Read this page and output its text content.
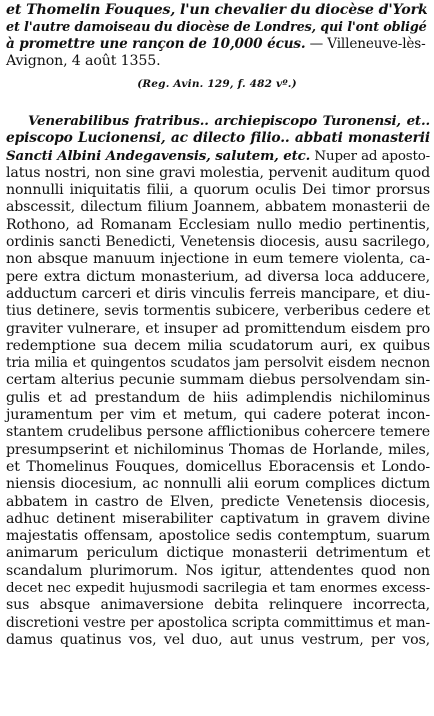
et Thomelin Fouques, l'un chevalier du diocèse d'York
et l'autre damoiseau du diocèse de Londres, qui l'ont obligé
à promettre une rançon de 10,000 écus. — Villeneuve-lès-
Avignon, 4 août 1355.
(Reg. Avin. 129, f. 482 vº.)
Venerabilibus fratribus.. archiepiscopo Turonensi, et..
episcopo Lucionensi, ac dilecto filio.. abbati monasterii
Sancti Albini Andegavensis, salutem, etc. Nuper ad aposto-
latus nostri, non sine gravi molestia, pervenit auditum quod
nonnulli iniquitatis filii, a quorum oculis Dei timor prorsus
abscessit, dilectum filium Joannem, abbatem monasterii de
Rothono, ad Romanam Ecclesiam nullo medio pertinentis,
ordinis sancti Benedicti, Venetensis diocesis, ausu sacrilego,
non absque manuum injectione in eum temere violenta, ca-
pere extra dictum monasterium, ad diversa loca adducere,
adductum carceri et diris vinculis ferreis mancipare, et diu-
tius detinere, sevis tormentis subicere, verberibus cedere et
graviter vulnerare, et insuper ad promittendum eisdem pro
redemptione sua decem milia scudatorum auri, ex quibus
tria milia et quingentos scudatos jam persolvit eisdem necnon
certam alterius pecunie summam diebus persolvendam sin-
gulis et ad prestandum de hiis adimplendis nichilominus
juramentum per vim et metum, qui cadere poterat incon-
stantem crudelibus persone afflictionibus cohercere temere
presumpserint et nichilominus Thomas de Horlande, miles,
et Thomelinus Fouques, domicellus Eboracensis et Londo-
niensis diocesium, ac nonnulli alii eorum complices dictum
abbatem in castro de Elven, predicte Venetensis diocesis,
adhuc detinent miserabiliter captivatum in gravem divine
majestatis offensam, apostolice sedis contemptum, suarum
animarum periculum dictique monasterii detrimentum et
scandalum plurimorum. Nos igitur, attendentes quod non
decet nec expedit hujusmodi sacrilegia et tam enormes excess-
sus absque animaversione debita relinquere incorrecta,
discretioni vestre per apostolica scripta committimus et man-
damus quatinus vos, vel duo, aut unus vestrum, per vos,
